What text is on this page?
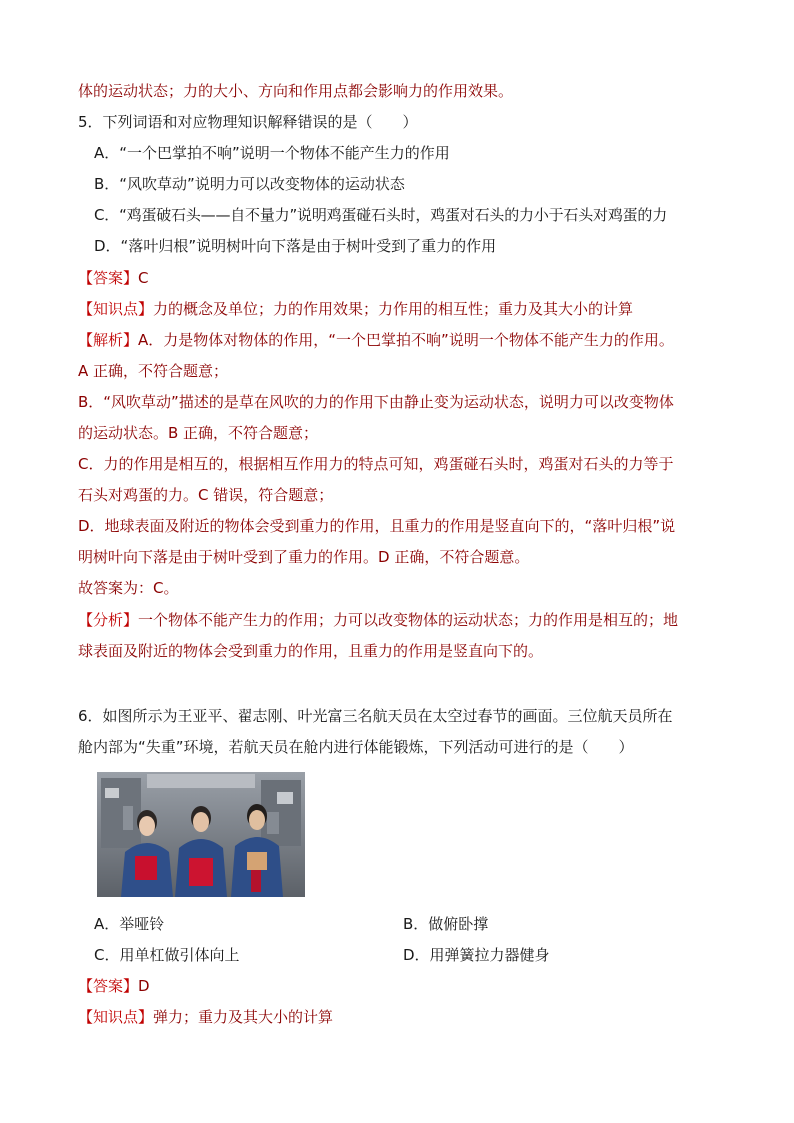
体的运动状态；力的大小、方向和作用点都会影响力的作用效果。
5．下列词语和对应物理知识解释错误的是（　　）
A．“一个巴掌拍不响”说明一个物体不能产生力的作用
B．“风吹草动”说明力可以改变物体的运动状态
C．“鸡蛋破石头——自不量力”说明鸡蛋碰石头时，鸡蛋对石头的力小于石头对鸡蛋的力
D．“落叶归根”说明树叶向下落是由于树叶受到了重力的作用
【答案】C
【知识点】力的概念及单位；力的作用效果；力作用的相互性；重力及其大小的计算
【解析】A．力是物体对物体的作用，“一个巴掌拍不响”说明一个物体不能产生力的作用。
A 正确，不符合题意；
B．“风吹草动”描述的是草在风吹的力的作用下由静止变为运动状态，说明力可以改变物体
的运动状态。B 正确，不符合题意；
C．力的作用是相互的，根据相互作用力的特点可知，鸡蛋碰石头时，鸡蛋对石头的力等于
石头对鸡蛋的力。C 错误，符合题意；
D．地球表面及附近的物体会受到重力的作用，且重力的作用是竖直向下的，“落叶归根”说
明树叶向下落是由于树叶受到了重力的作用。D 正确，不符合题意。
故答案为：C。
【分析】一个物体不能产生力的作用；力可以改变物体的运动状态；力的作用是相互的；地
球表面及附近的物体会受到重力的作用，且重力的作用是竖直向下的。
6．如图所示为王亚平、翟志刚、叶光富三名航天员在太空过春节的画面。三位航天员所在
舱内部为“失重”环境，若航天员在舱内进行体能锻炼，下列活动可进行的是（　　）
A．举哑铃	B．做俯卧撑
C．用单杠做引体向上	D．用弹簧拉力器健身
【答案】D
【知识点】弹力；重力及其大小的计算
